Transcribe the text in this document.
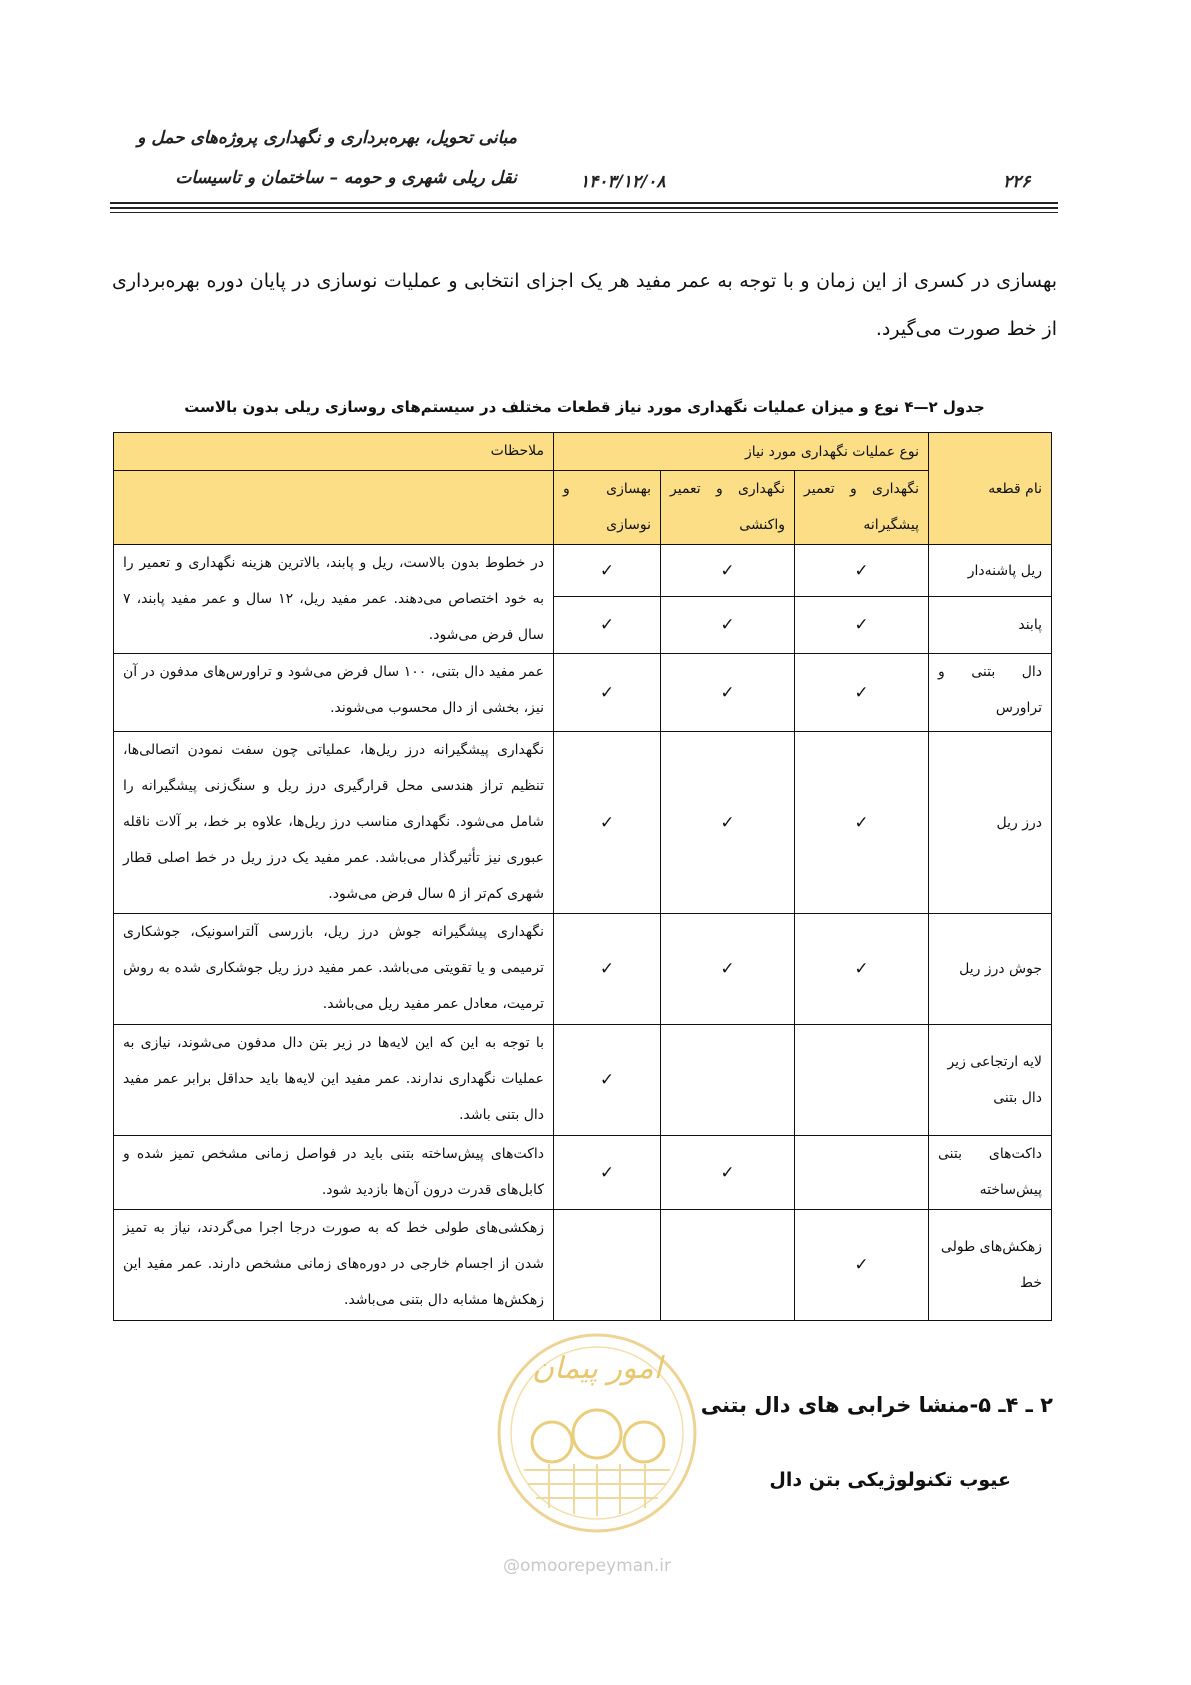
مبانی تحویل، بهره‌برداری و نگهداری پروژه‌های حمل و
نقل ریلی شهری و حومه – ساختمان و تاسیسات	۱۴۰۳/۱۲/۰۸	۲۲۶
بهسازی در کسری از این زمان و با توجه به عمر مفید هر یک اجزای انتخابی و عملیات نوسازی در پایان دوره بهره‌برداری از خط صورت می‌گیرد.
جدول ۲—۴ نوع و میزان عملیات نگهداری مورد نیاز قطعات مختلف در سیستم‌های روسازی ریلی بدون بالاست
نام قطعه	نوع عملیات نگهداری مورد نیاز			ملاحظات
	نگهداری و تعمیر پیشگیرانه	نگهداری و تعمیر واکنشی	بهسازی و نوسازی	
ریل پاشنه‌دار	✓	✓	✓	در خطوط بدون بالاست، ریل و پابند، بالاترین هزینه نگهداری و تعمیر را به خود اختصاص می‌دهند. عمر مفید ریل، ۱۲ سال و عمر مفید پابند، ۷ سال فرض می‌شود.
پابند	✓	✓	✓	
دال بتنی و تراورس	✓	✓	✓	عمر مفید دال بتنی، ۱۰۰ سال فرض می‌شود و تراورس‌های مدفون در آن نیز، بخشی از دال محسوب می‌شوند.
درز ریل	✓	✓	✓	نگهداری پیشگیرانه درز ریل‌ها، عملیاتی چون سفت نمودن اتصالی‌ها، تنظیم تراز هندسی محل قرارگیری درز ریل و سنگ‌زنی پیشگیرانه را شامل می‌شود. نگهداری مناسب درز ریل‌ها، علاوه بر خط، بر آلات ناقله عبوری نیز تأثیرگذار می‌باشد. عمر مفید یک درز ریل در خط اصلی قطار شهری کم‌تر از ۵ سال فرض می‌شود.
جوش درز ریل	✓	✓	✓	نگهداری پیشگیرانه جوش درز ریل، بازرسی آلتراسونیک، جوشکاری ترمیمی و یا تقویتی می‌باشد. عمر مفید درز ریل جوشکاری شده به روش ترمیت، معادل عمر مفید ریل می‌باشد.
لایه ارتجاعی زیر دال بتنی			✓	با توجه به این که این لایه‌ها در زیر بتن دال مدفون می‌شوند، نیازی به عملیات نگهداری ندارند. عمر مفید این لایه‌ها باید حداقل برابر عمر مفید دال بتنی باشد.
داکت‌های بتنی پیش‌ساخته		✓	✓	داکت‌های پیش‌ساخته بتنی باید در فواصل زمانی مشخص تمیز شده و کابل‌های قدرت درون آن‌ها بازدید شود.
زهکش‌های طولی خط	✓			زهکشی‌های طولی خط که به صورت درجا اجرا می‌گردند، نیاز به تمیز شدن از اجسام خارجی در دوره‌های زمانی مشخص دارند. عمر مفید این زهکش‌ها مشابه دال بتنی می‌باشد.
امور پیمان
@omoorepeyman.ir
۲ ـ ۴ـ ۵-منشا خرابی های دال بتنی
عیوب تکنولوژیکی بتن دال
